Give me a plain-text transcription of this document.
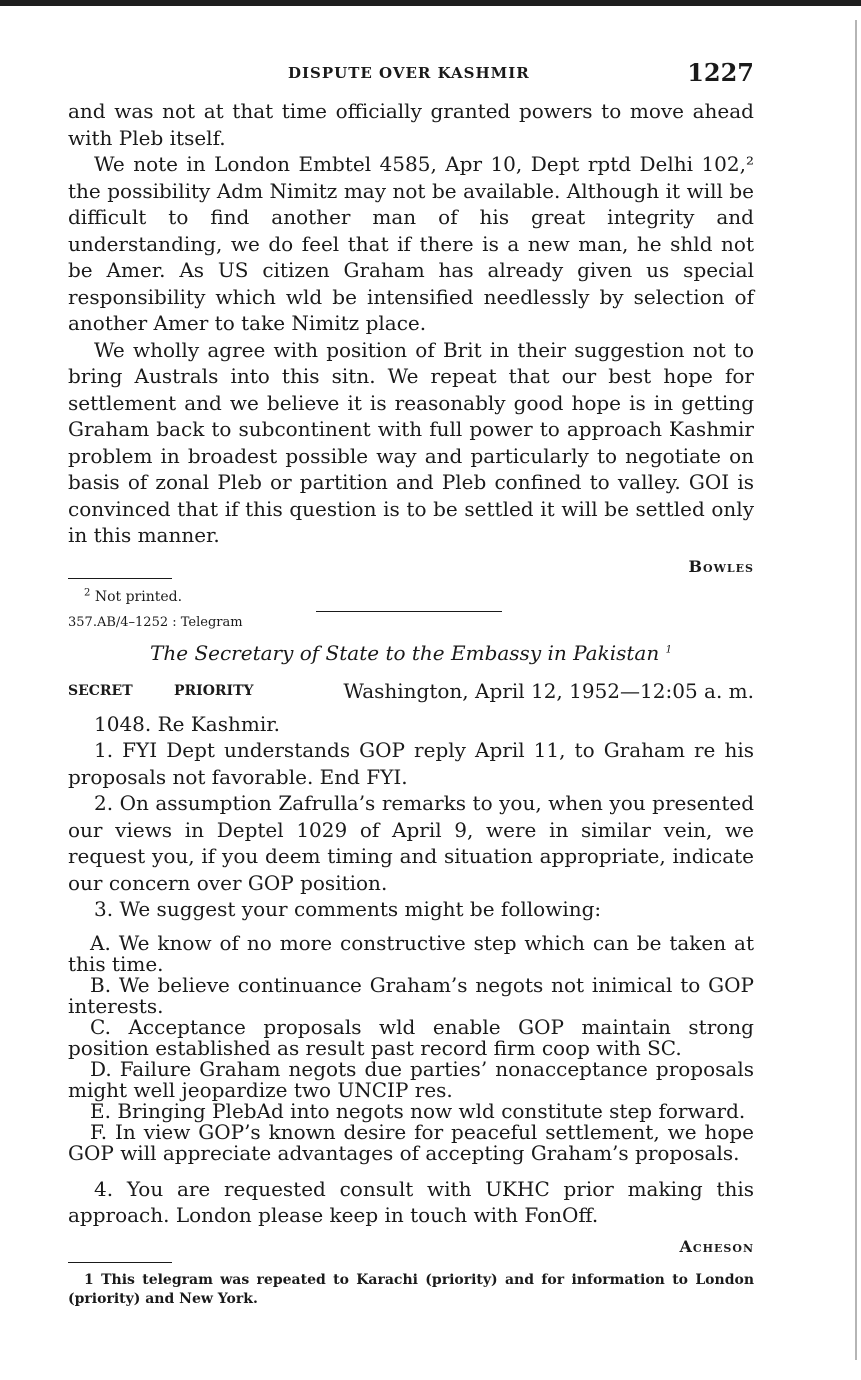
DISPUTE OVER KASHMIR	1227

and was not at that time officially granted powers to move ahead with Pleb itself.

We note in London Embtel 4585, Apr 10, Dept rptd Delhi 102,² the possibility Adm Nimitz may not be available. Although it will be difficult to find another man of his great integrity and understanding, we do feel that if there is a new man, he shld not be Amer. As US citizen Graham has already given us special responsibility which wld be intensified needlessly by selection of another Amer to take Nimitz place.

We wholly agree with position of Brit in their suggestion not to bring Australs into this sitn. We repeat that our best hope for settlement and we believe it is reasonably good hope is in getting Graham back to subcontinent with full power to approach Kashmir problem in broadest possible way and particularly to negotiate on basis of zonal Pleb or partition and Pleb confined to valley. GOI is convinced that if this question is to be settled it will be settled only in this manner.

Bowles

$^2$ Not printed.

357.AB/4–1252 : Telegram
The Secretary of State to the Embassy in Pakistan $^1$
SECRET	PRIORITY	Washington, April 12, 1952—12:05 a. m.

1048. Re Kashmir.

1. FYI Dept understands GOP reply April 11, to Graham re his proposals not favorable. End FYI.

2. On assumption Zafrulla’s remarks to you, when you presented our views in Deptel 1029 of April 9, were in similar vein, we request you, if you deem timing and situation appropriate, indicate our concern over GOP position.

3. We suggest your comments might be following:

A. We know of no more constructive step which can be taken at this time.

B. We believe continuance Graham’s negots not inimical to GOP interests.

C. Acceptance proposals wld enable GOP maintain strong position established as result past record firm coop with SC.

D. Failure Graham negots due parties’ nonacceptance proposals might well jeopardize two UNCIP res.

E. Bringing PlebAd into negots now wld constitute step forward.

F. In view GOP’s known desire for peaceful settlement, we hope GOP will appreciate advantages of accepting Graham’s proposals.

4. You are requested consult with UKHC prior making this approach. London please keep in touch with FonOff.

Acheson

1 This telegram was repeated to Karachi (priority) and for information to London (priority) and New York.
